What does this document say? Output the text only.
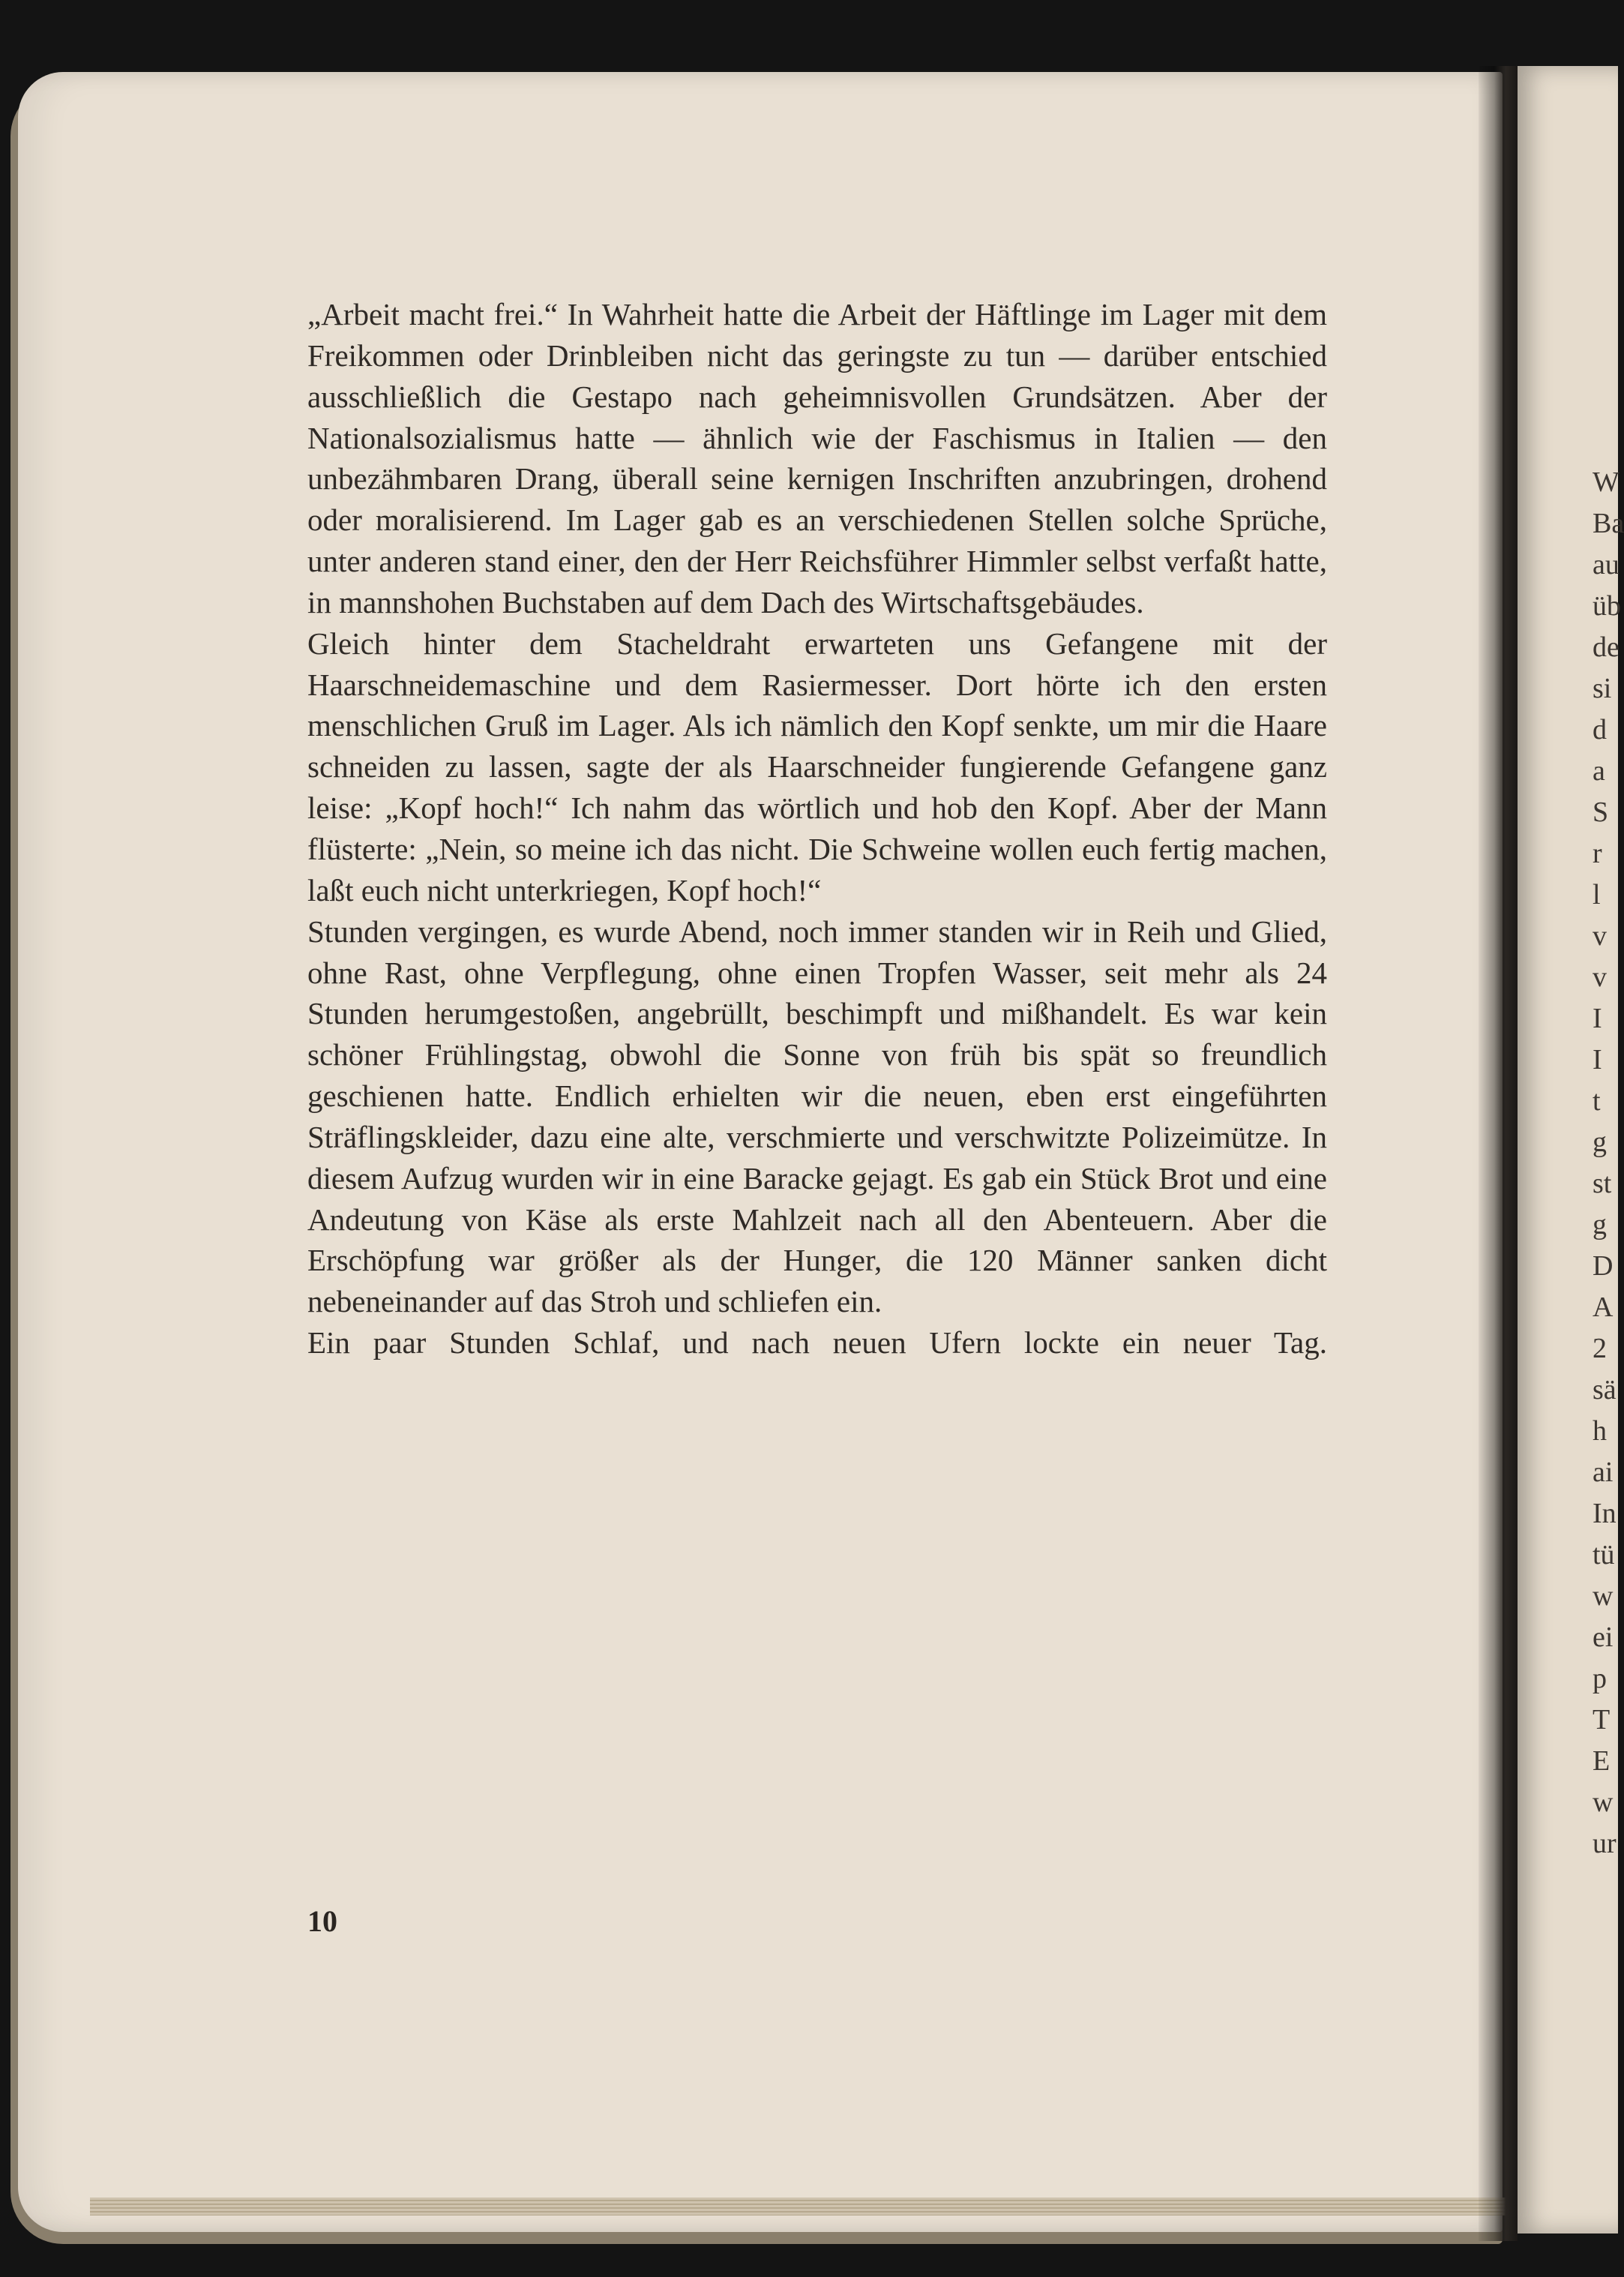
W
Ba
au
üb
de
si
d
a
S
r
l
v
v
I
I
t
g
st
g
D
A
2
sä
h
ai
In
tü
w
ei
p
T
E
w
ur

„Arbeit macht frei.“ In Wahrheit hatte die Arbeit der Häftlinge im Lager mit dem Freikommen oder Drinbleiben nicht das geringste zu tun — darüber entschied ausschließlich die Gestapo nach geheimnisvollen Grundsätzen. Aber der Nationalsozialismus hatte — ähnlich wie der Faschismus in Italien — den unbezähmbaren Drang, überall seine kernigen Inschriften anzubringen, drohend oder moralisierend. Im Lager gab es an verschiedenen Stellen solche Sprüche, unter anderen stand einer, den der Herr Reichsführer Himmler selbst verfaßt hatte, in mannshohen Buchstaben auf dem Dach des Wirtschaftsgebäudes.

Gleich hinter dem Stacheldraht erwarteten uns Gefangene mit der Haarschneidemaschine und dem Rasiermesser. Dort hörte ich den ersten menschlichen Gruß im Lager. Als ich nämlich den Kopf senkte, um mir die Haare schneiden zu lassen, sagte der als Haarschneider fungierende Gefangene ganz leise: „Kopf hoch!“ Ich nahm das wörtlich und hob den Kopf. Aber der Mann flüsterte: „Nein, so meine ich das nicht. Die Schweine wollen euch fertig machen, laßt euch nicht unterkriegen, Kopf hoch!“

Stunden vergingen, es wurde Abend, noch immer standen wir in Reih und Glied, ohne Rast, ohne Verpflegung, ohne einen Tropfen Wasser, seit mehr als 24 Stunden herumgestoßen, angebrüllt, beschimpft und mißhandelt. Es war kein schöner Frühlingstag, obwohl die Sonne von früh bis spät so freundlich geschienen hatte. Endlich erhielten wir die neuen, eben erst eingeführten Sträflingskleider, dazu eine alte, verschmierte und verschwitzte Polizeimütze. In diesem Aufzug wurden wir in eine Baracke gejagt. Es gab ein Stück Brot und eine Andeutung von Käse als erste Mahlzeit nach all den Abenteuern. Aber die Erschöpfung war größer als der Hunger, die 120 Männer sanken dicht nebeneinander auf das Stroh und schliefen ein.

Ein paar Stunden Schlaf, und nach neuen Ufern lockte ein neuer Tag.

10
